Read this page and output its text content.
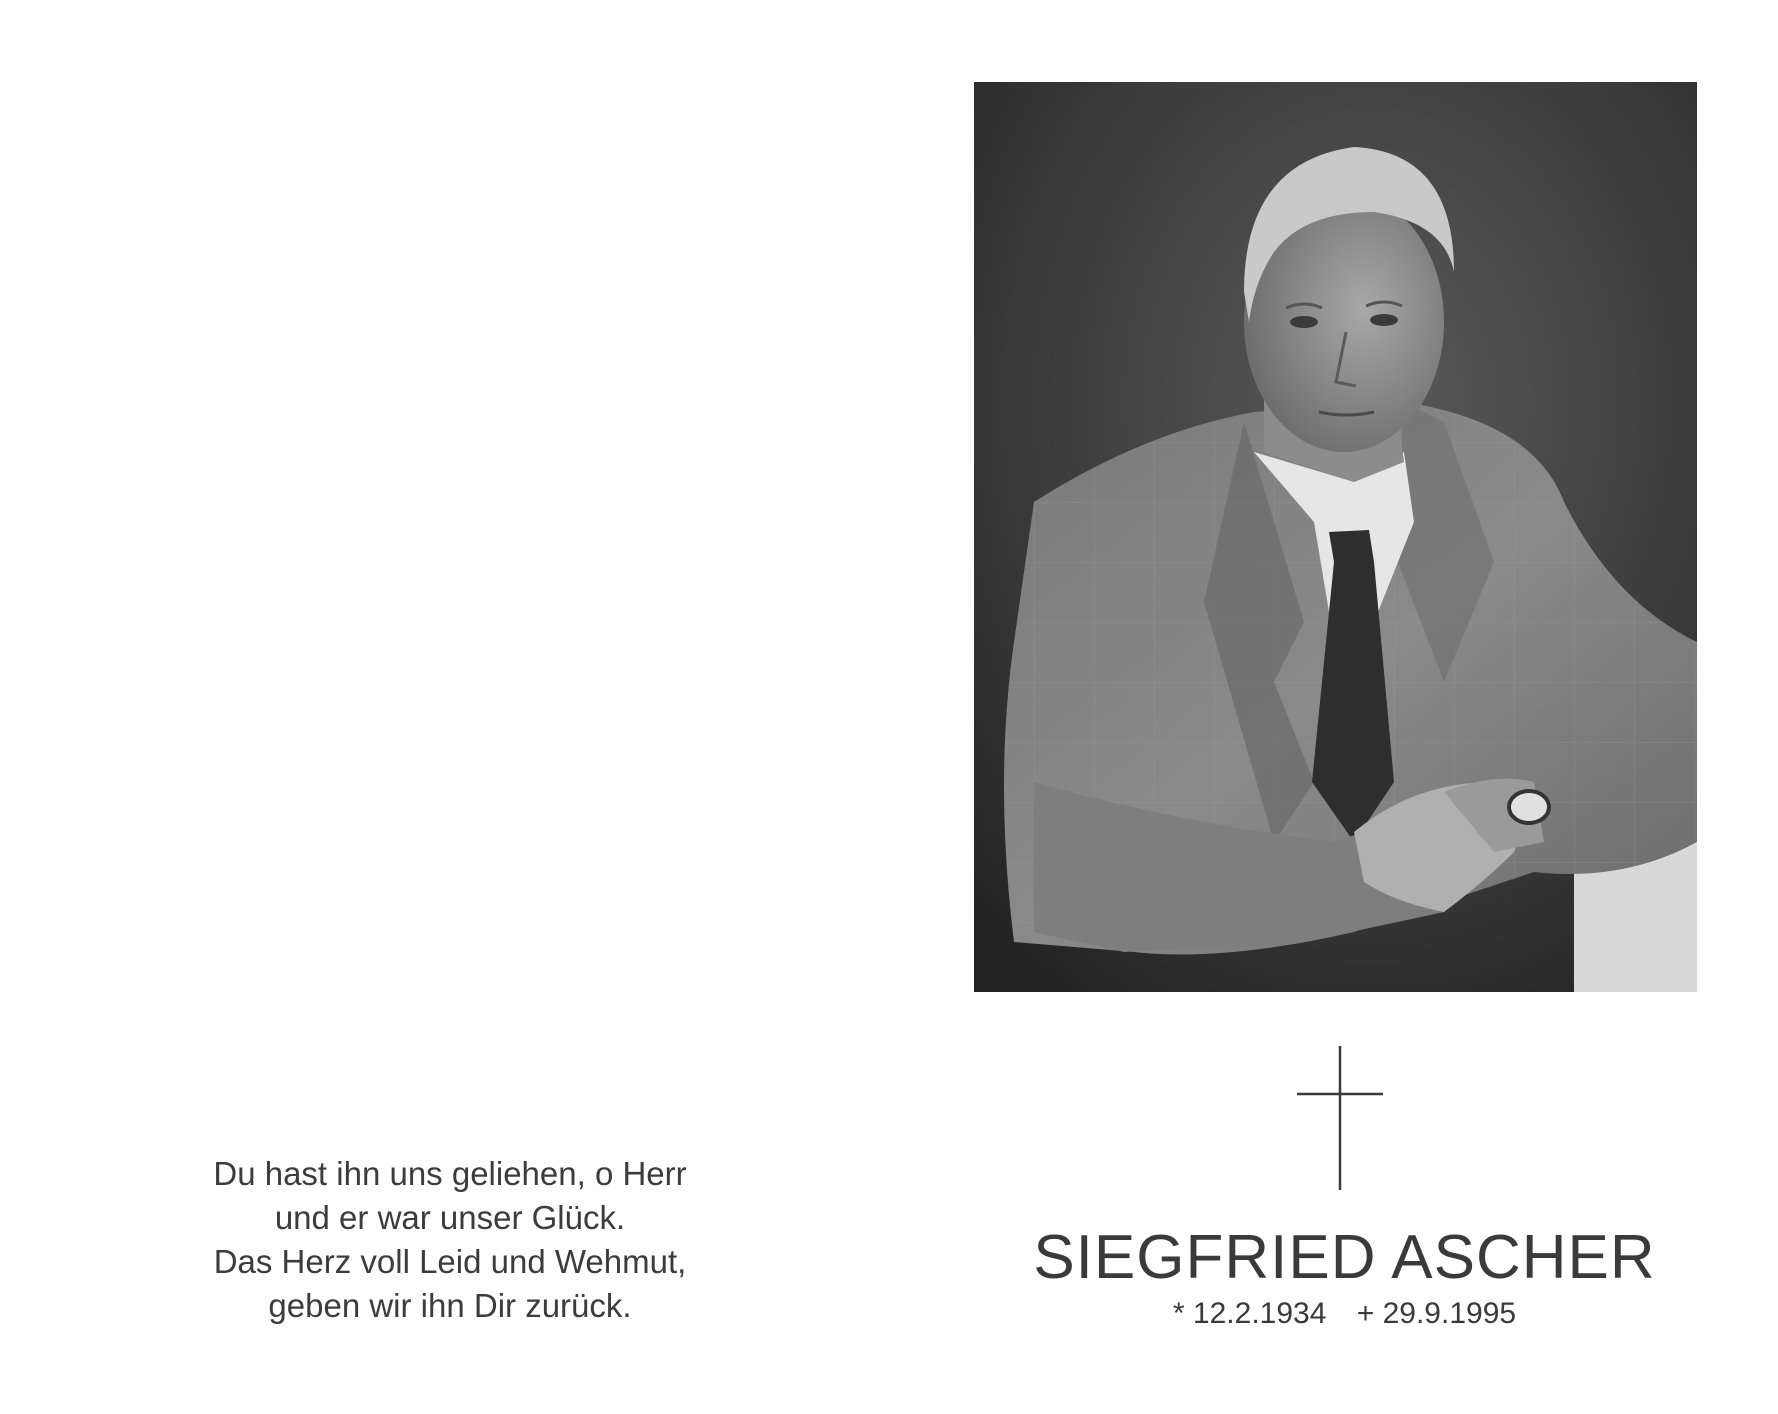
Du hast ihn uns geliehen, o Herr
und er war unser Glück.
Das Herz voll Leid und Wehmut,
geben wir ihn Dir zurück.
SIEGFRIED ASCHER
* 12.2.1934 + 29.9.1995
